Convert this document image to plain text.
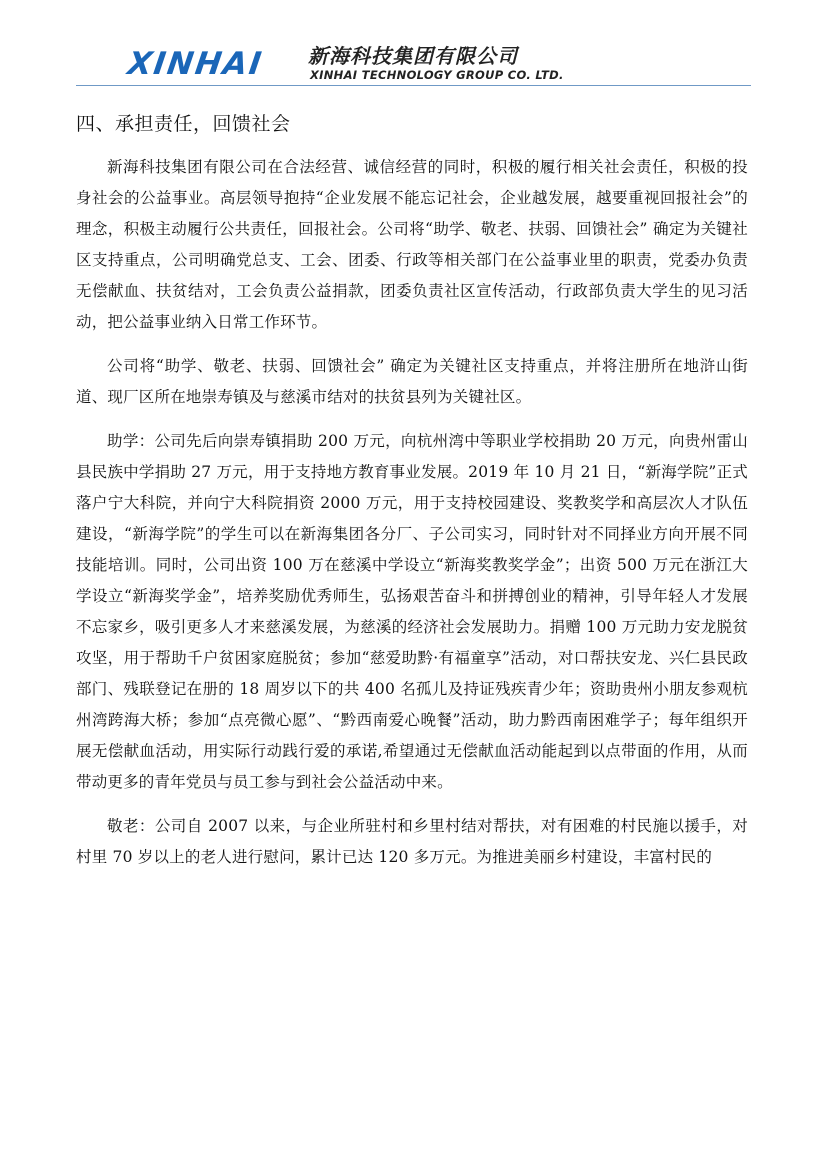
XINHAI 新海科技集团有限公司
XINHAI TECHNOLOGY GROUP CO. LTD.
四、承担责任，回馈社会

新海科技集团有限公司在合法经营、诚信经营的同时，积极的履行相关社会责任，积极的投身社会的公益事业。高层领导抱持“企业发展不能忘记社会，企业越发展，越要重视回报社会”的理念，积极主动履行公共责任，回报社会。公司将“助学、敬老、扶弱、回馈社会” 确定为关键社区支持重点，公司明确党总支、工会、团委、行政等相关部门在公益事业里的职责，党委办负责无偿献血、扶贫结对，工会负责公益捐款，团委负责社区宣传活动，行政部负责大学生的见习活动，把公益事业纳入日常工作环节。

公司将“助学、敬老、扶弱、回馈社会” 确定为关键社区支持重点，并将注册所在地浒山街道、现厂区所在地崇寿镇及与慈溪市结对的扶贫县列为关键社区。

助学：公司先后向崇寿镇捐助 200 万元，向杭州湾中等职业学校捐助 20 万元，向贵州雷山县民族中学捐助 27 万元，用于支持地方教育事业发展。2019 年 10 月 21 日，“新海学院”正式落户宁大科院，并向宁大科院捐资 2000 万元，用于支持校园建设、奖教奖学和高层次人才队伍建设，“新海学院”的学生可以在新海集团各分厂、子公司实习，同时针对不同择业方向开展不同技能培训。同时，公司出资 100 万在慈溪中学设立“新海奖教奖学金”；出资 500 万元在浙江大学设立“新海奖学金”，培养奖励优秀师生，弘扬艰苦奋斗和拼搏创业的精神，引导年轻人才发展不忘家乡，吸引更多人才来慈溪发展，为慈溪的经济社会发展助力。捐赠 100 万元助力安龙脱贫攻坚，用于帮助千户贫困家庭脱贫；参加“慈爱助黔·有福童享”活动，对口帮扶安龙、兴仁县民政部门、残联登记在册的 18 周岁以下的共 400 名孤儿及持证残疾青少年；资助贵州小朋友参观杭州湾跨海大桥；参加“点亮微心愿”、“黔西南爱心晚餐”活动，助力黔西南困难学子；每年组织开展无偿献血活动，用实际行动践行爱的承诺,希望通过无偿献血活动能起到以点带面的作用，从而带动更多的青年党员与员工参与到社会公益活动中来。

敬老：公司自 2007 以来，与企业所驻村和乡里村结对帮扶，对有困难的村民施以援手，对村里 70 岁以上的老人进行慰问，累计已达 120 多万元。为推进美丽乡村建设，丰富村民的
